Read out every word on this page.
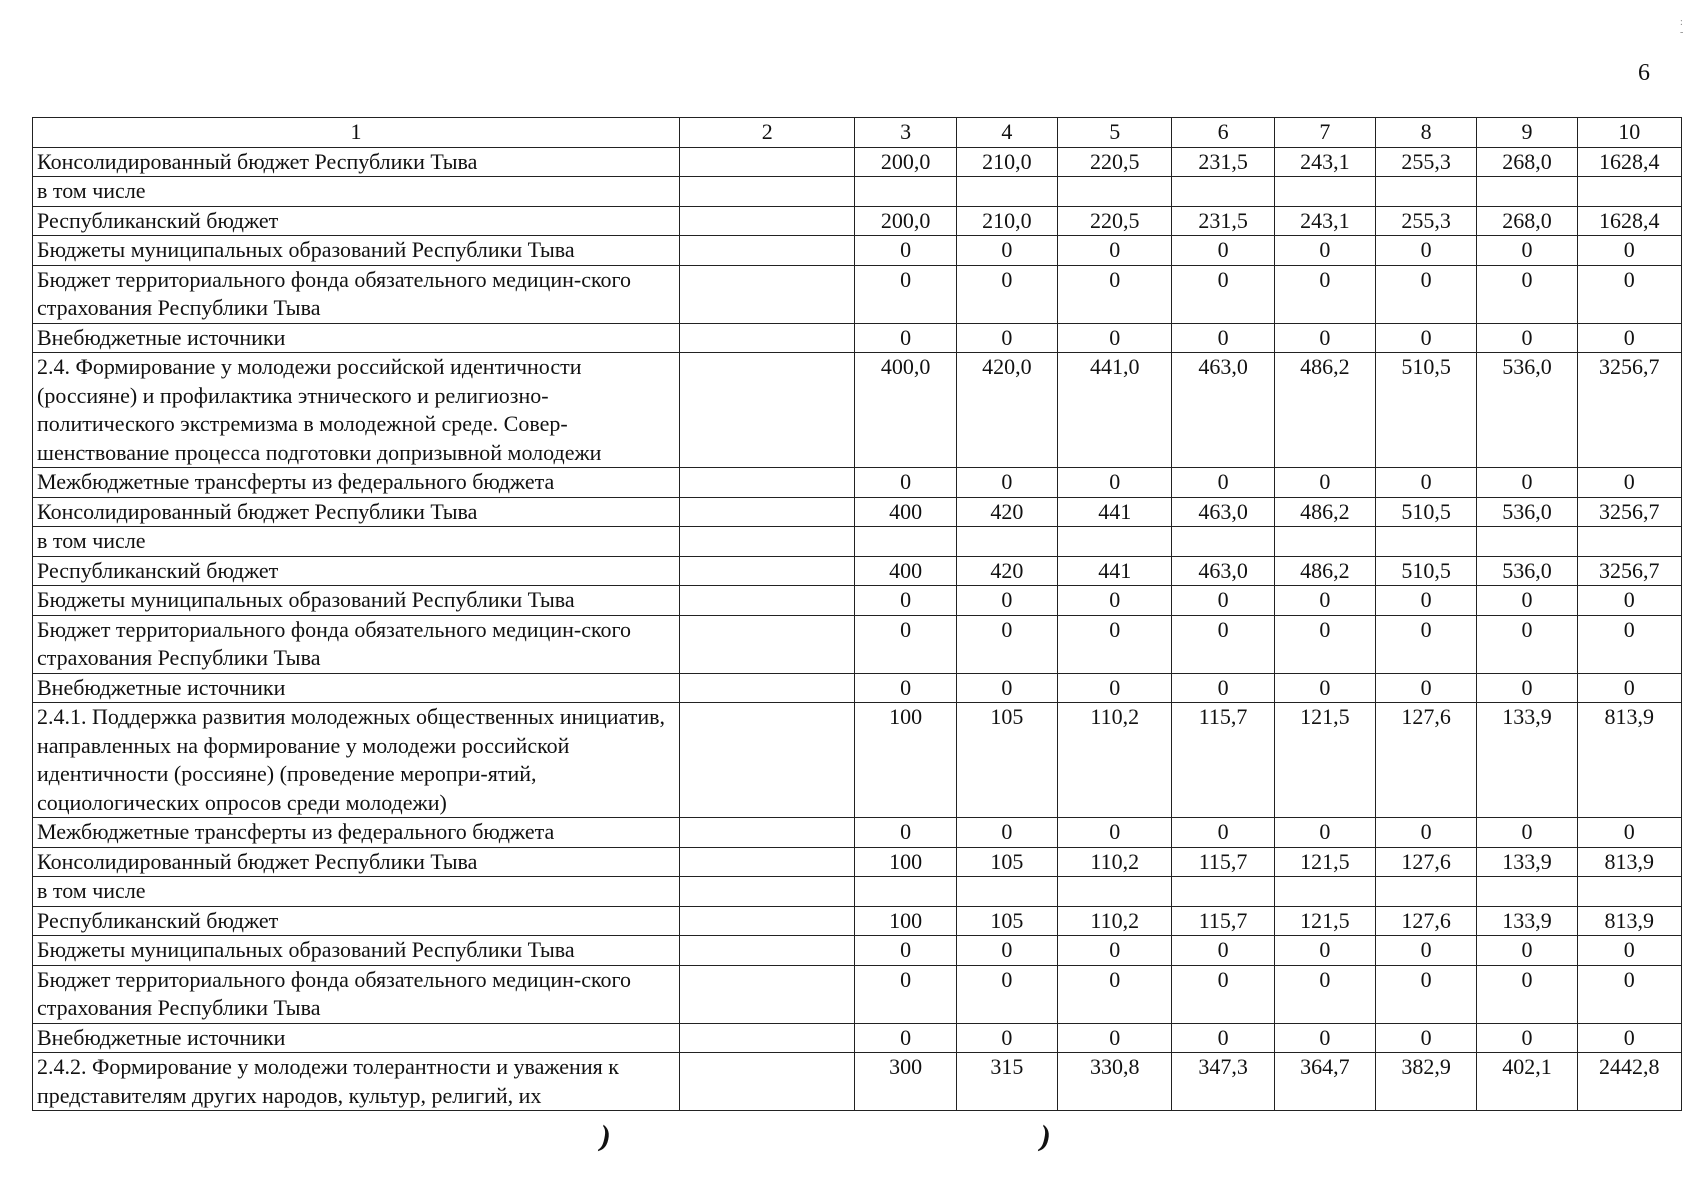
:
-
6
1	2	3	4	5	6	7	8	9	10
Консолидированный бюджет Республики Тыва		200,0	210,0	220,5	231,5	243,1	255,3	268,0	1628,4
в том числе									
Республиканский бюджет		200,0	210,0	220,5	231,5	243,1	255,3	268,0	1628,4
Бюджеты муниципальных образований Республики Тыва		0	0	0	0	0	0	0	0
Бюджет территориального фонда обязательного медицин-ского страхования Республики Тыва		0	0	0	0	0	0	0	0
Внебюджетные источники		0	0	0	0	0	0	0	0
2.4. Формирование у молодежи российской идентичности (россияне) и профилактика этнического и религиозно-политического экстремизма в молодежной среде. Совер-шенствование процесса подготовки допризывной молодежи		400,0	420,0	441,0	463,0	486,2	510,5	536,0	3256,7
Межбюджетные трансферты из федерального бюджета		0	0	0	0	0	0	0	0
Консолидированный бюджет Республики Тыва		400	420	441	463,0	486,2	510,5	536,0	3256,7
в том числе									
Республиканский бюджет		400	420	441	463,0	486,2	510,5	536,0	3256,7
Бюджеты муниципальных образований Республики Тыва		0	0	0	0	0	0	0	0
Бюджет территориального фонда обязательного медицин-ского страхования Республики Тыва		0	0	0	0	0	0	0	0
Внебюджетные источники		0	0	0	0	0	0	0	0
2.4.1. Поддержка развития молодежных общественных инициатив, направленных на формирование у молодежи российской идентичности (россияне) (проведение меропри-ятий, социологических опросов среди молодежи)		100	105	110,2	115,7	121,5	127,6	133,9	813,9
Межбюджетные трансферты из федерального бюджета		0	0	0	0	0	0	0	0
Консолидированный бюджет Республики Тыва		100	105	110,2	115,7	121,5	127,6	133,9	813,9
в том числе									
Республиканский бюджет		100	105	110,2	115,7	121,5	127,6	133,9	813,9
Бюджеты муниципальных образований Республики Тыва		0	0	0	0	0	0	0	0
Бюджет территориального фонда обязательного медицин-ского страхования Республики Тыва		0	0	0	0	0	0	0	0
Внебюджетные источники		0	0	0	0	0	0	0	0
2.4.2. Формирование у молодежи толерантности и уважения к представителям других народов, культур, религий, их		300	315	330,8	347,3	364,7	382,9	402,1	2442,8
)	)
